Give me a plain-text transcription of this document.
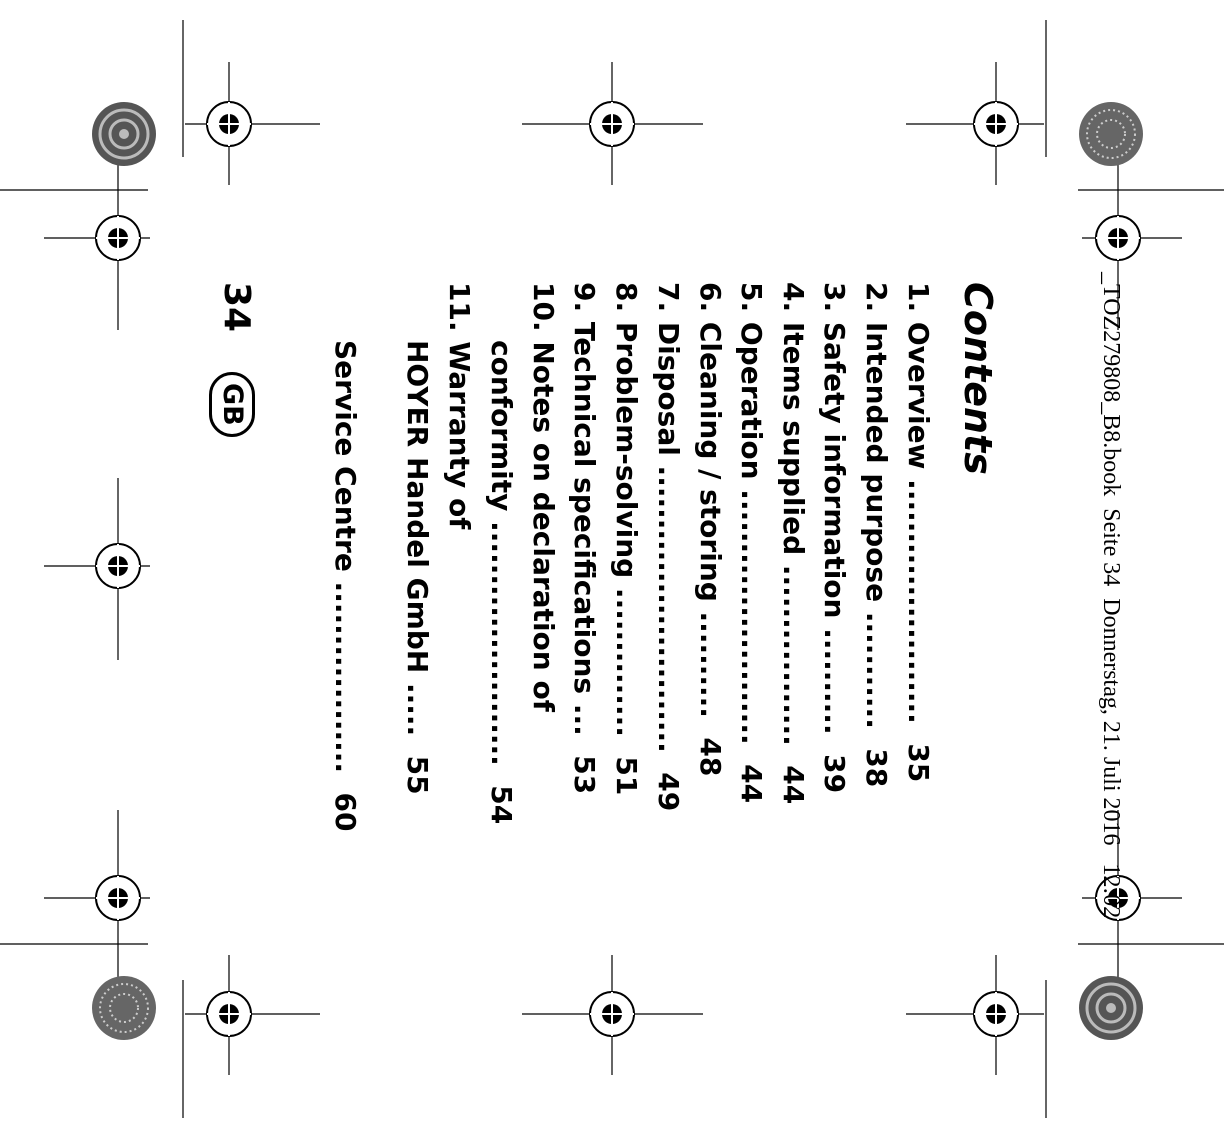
_TOZ279808_B8.book  Seite 34  Donnerstag, 21. Juli 2016   12:02
Contents
1. Overview .......................  35
2. Intended purpose ...........  38
3. Safety information ..........  39
4. Items supplied .................  44
5. Operation ........................  44
6. Cleaning / storing ..........  48
7. Disposal ...........................  49
8. Problem-solving ..............  51
9. Technical specifications ...  53
10. Notes on declaration of
conformity .......................  54
11. Warranty of
HOYER Handel GmbH .....  55
Service Centre ..................  60
34
GB
